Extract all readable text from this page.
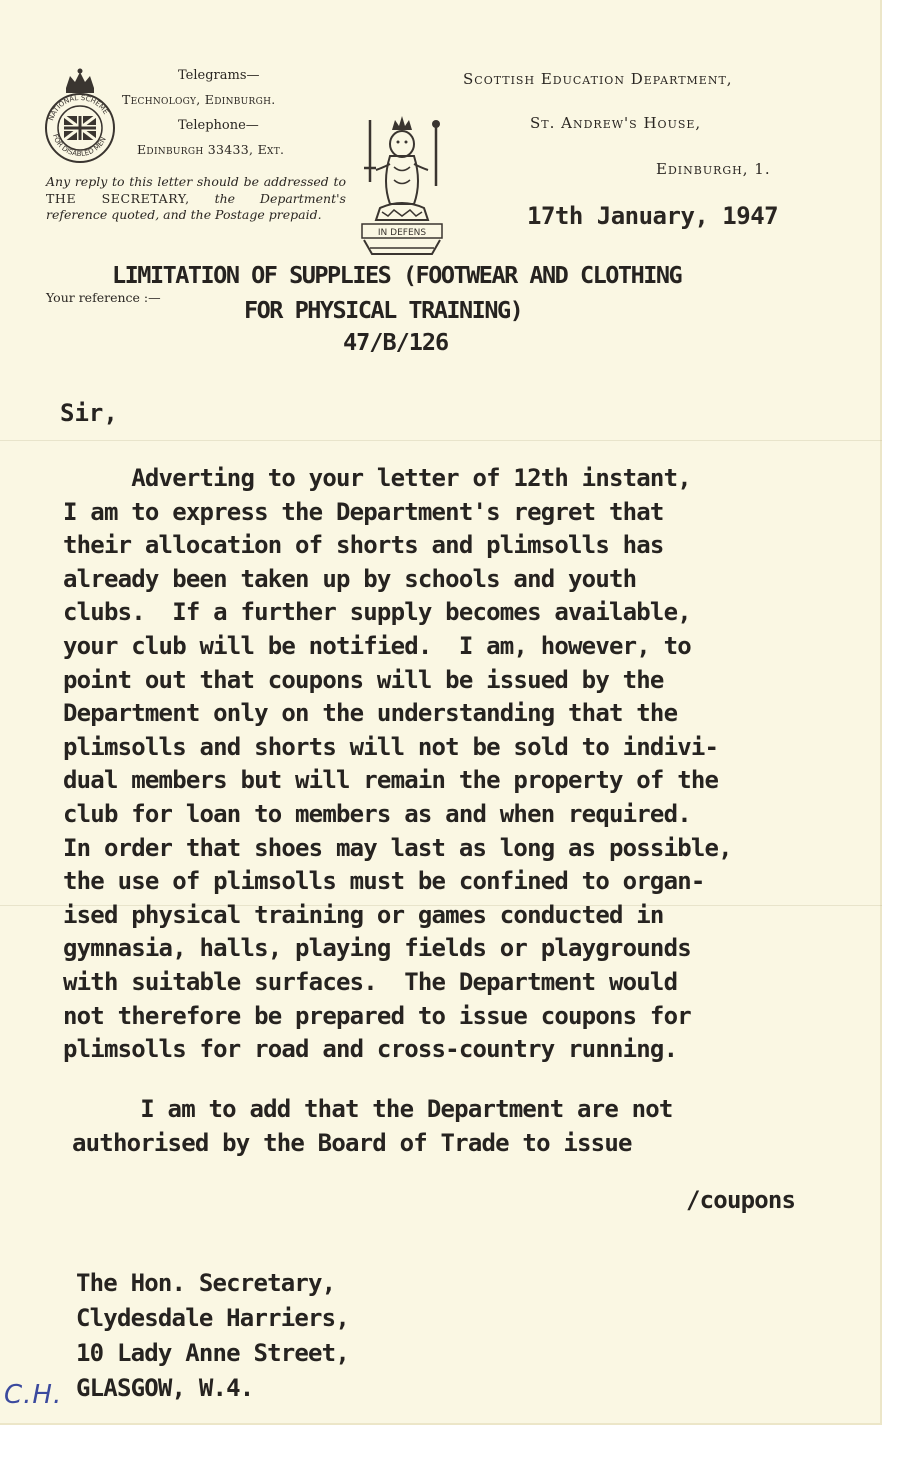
NATIONAL SCHEME
FOR DISABLED MEN
Telegrams—
Technology, Edinburgh.
Telephone—
Edinburgh 33433, Ext.
Any reply to this letter should be addressed to THE SECRETARY, the Department's reference quoted, and the Postage prepaid.
IN DEFENS
Scottish Education Department,
St. Andrew's House,
Edinburgh, 1.
17th January, 1947
LIMITATION OF SUPPLIES (FOOTWEAR AND CLOTHING
Your reference :—	FOR PHYSICAL TRAINING)
47/B/126
Sir,
Adverting to your letter of 12th instant,
I am to express the Department's regret that
their allocation of shorts and plimsolls has
already been taken up by schools and youth
clubs.  If a further supply becomes available,
your club will be notified.  I am, however, to
point out that coupons will be issued by the
Department only on the understanding that the
plimsolls and shorts will not be sold to indivi-
dual members but will remain the property of the
club for loan to members as and when required.
In order that shoes may last as long as possible,
the use of plimsolls must be confined to organ-
ised physical training or games conducted in
gymnasia, halls, playing fields or playgrounds
with suitable surfaces.  The Department would
not therefore be prepared to issue coupons for
plimsolls for road and cross-country running.
I am to add that the Department are not
authorised by the Board of Trade to issue
/coupons
The Hon. Secretary,
Clydesdale Harriers,
10 Lady Anne Street,
GLASGOW, W.4.
C.H.
